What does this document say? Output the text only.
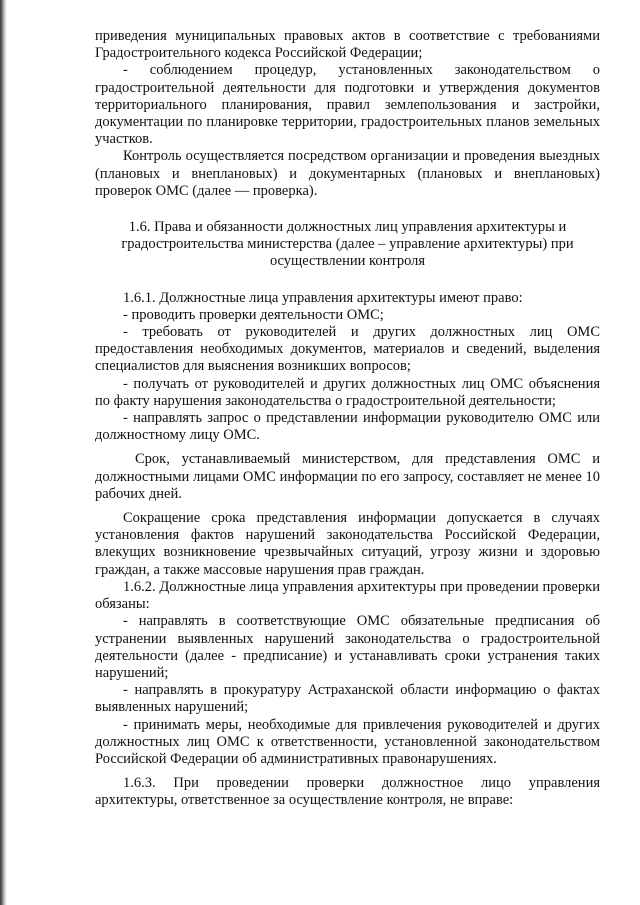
приведения муниципальных правовых актов в соответствие с требованиями Градостроительного кодекса Российской Федерации;

- соблюдением процедур, установленных законодательством о градостроительной деятельности для подготовки и утверждения документов территориального планирования, правил землепользования и застройки, документации по планировке территории, градостроительных планов земельных участков.

Контроль осуществляется посредством организации и проведения выездных (плановых и внеплановых) и документарных (плановых и внеплановых) проверок ОМС (далее — проверка).

1.6. Права и обязанности должностных лиц управления архитектуры и градостроительства министерства (далее – управление архитектуры) при осуществлении контроля

1.6.1. Должностные лица управления архитектуры имеют право:

- проводить проверки деятельности ОМС;

- требовать от руководителей и других должностных лиц ОМС предоставления необходимых документов, материалов и сведений, выделения специалистов для выяснения возникших вопросов;

- получать от руководителей и других должностных лиц ОМС объяснения по факту нарушения законодательства о градостроительной деятельности;

- направлять запрос о представлении информации руководителю ОМС или должностному лицу ОМС.

Срок, устанавливаемый министерством, для представления ОМС и должностными лицами ОМС информации по его запросу, составляет не менее 10 рабочих дней.

Сокращение срока представления информации допускается в случаях установления фактов нарушений законодательства Российской Федерации, влекущих возникновение чрезвычайных ситуаций, угрозу жизни и здоровью граждан, а также массовые нарушения прав граждан.

1.6.2. Должностные лица управления архитектуры при проведении проверки обязаны:

- направлять в соответствующие ОМС обязательные предписания об устранении выявленных нарушений законодательства о градостроительной деятельности (далее - предписание) и устанавливать сроки устранения таких нарушений;

- направлять в прокуратуру Астраханской области информацию о фактах выявленных нарушений;

- принимать меры, необходимые для привлечения руководителей и других должностных лиц ОМС к ответственности, установленной законодательством Российской Федерации об административных правонарушениях.

1.6.3. При проведении проверки должностное лицо управления архитектуры, ответственное за осуществление контроля, не вправе:
